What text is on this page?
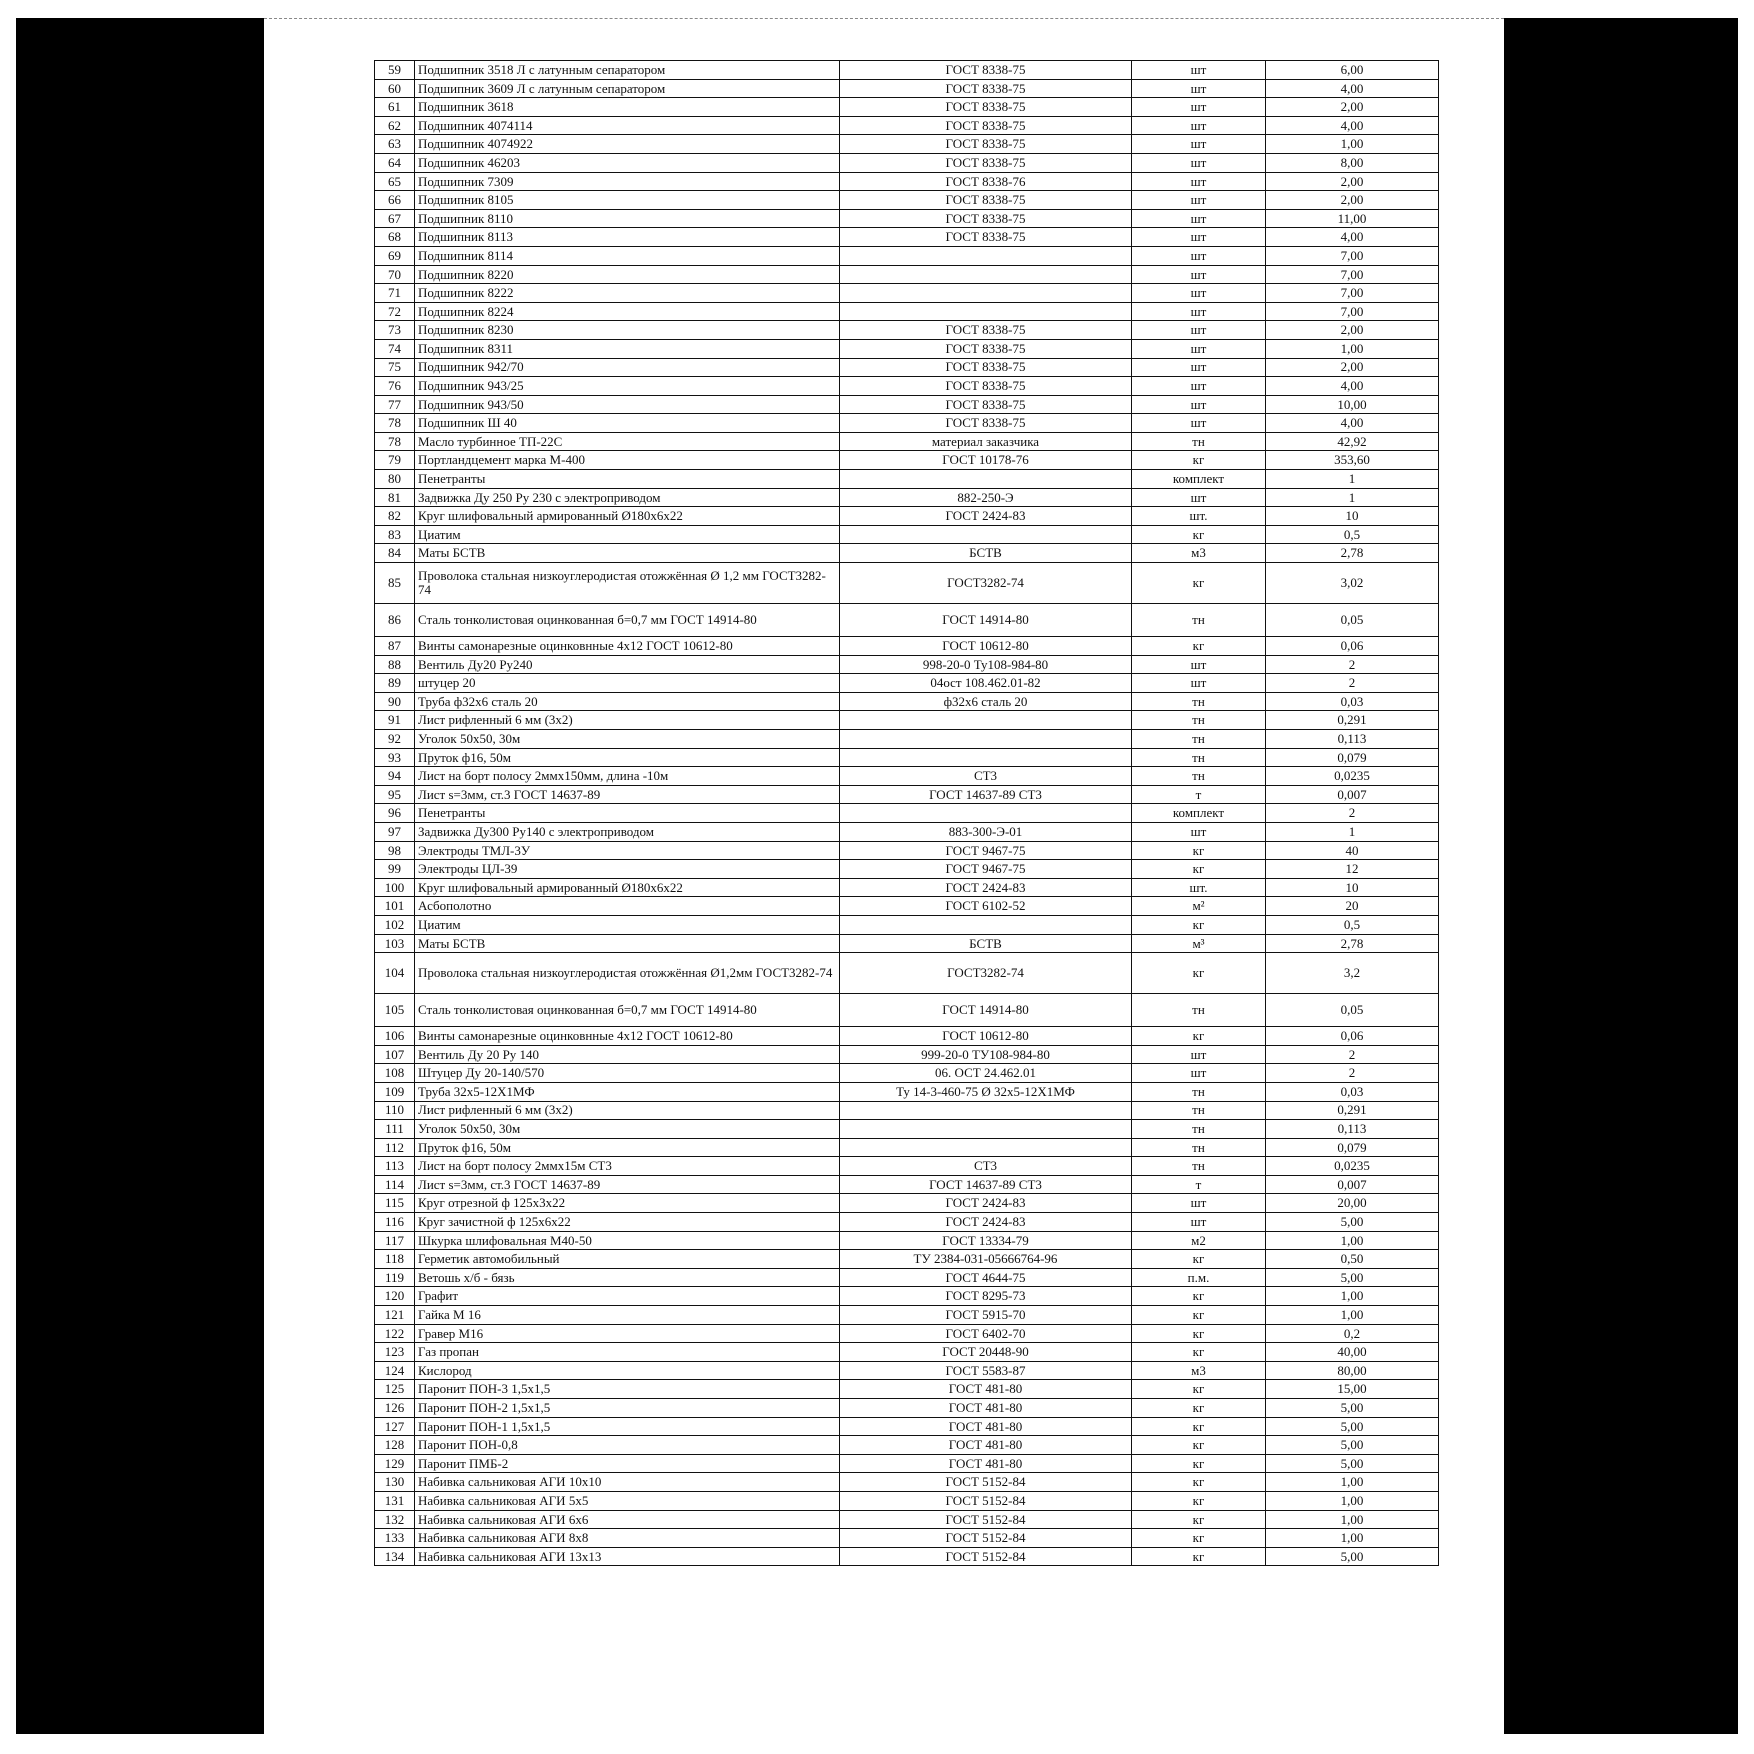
59	Подшипник 3518 Л с латунным сепаратором	ГОСТ 8338-75	шт	6,00
60	Подшипник 3609 Л с латунным сепаратором	ГОСТ 8338-75	шт	4,00
61	Подшипник 3618	ГОСТ 8338-75	шт	2,00
62	Подшипник 4074114	ГОСТ 8338-75	шт	4,00
63	Подшипник 4074922	ГОСТ 8338-75	шт	1,00
64	Подшипник 46203	ГОСТ 8338-75	шт	8,00
65	Подшипник 7309	ГОСТ 8338-76	шт	2,00
66	Подшипник 8105	ГОСТ 8338-75	шт	2,00
67	Подшипник 8110	ГОСТ 8338-75	шт	11,00
68	Подшипник 8113	ГОСТ 8338-75	шт	4,00
69	Подшипник 8114		шт	7,00
70	Подшипник 8220		шт	7,00
71	Подшипник 8222		шт	7,00
72	Подшипник 8224		шт	7,00
73	Подшипник 8230	ГОСТ 8338-75	шт	2,00
74	Подшипник 8311	ГОСТ 8338-75	шт	1,00
75	Подшипник 942/70	ГОСТ 8338-75	шт	2,00
76	Подшипник 943/25	ГОСТ 8338-75	шт	4,00
77	Подшипник 943/50	ГОСТ 8338-75	шт	10,00
78	Подшипник Ш 40	ГОСТ 8338-75	шт	4,00
78	Масло турбинное ТП-22С	материал заказчика	тн	42,92
79	Портландцемент марка М-400	ГОСТ 10178-76	кг	353,60
80	Пенетранты		комплект	1
81	Задвижка Ду 250 Ру 230 с электроприводом	882-250-Э	шт	1
82	Круг шлифовальный армированный Ø180х6х22	ГОСТ 2424-83	шт.	10
83	Циатим		кг	0,5
84	Маты БСТВ	БСТВ	м3	2,78
85	Проволока стальная низкоуглеродистая отожжённая Ø 1,2 мм ГОСТ3282-74	ГОСТ3282-74	кг	3,02
86	Сталь тонколистовая оцинкованная б=0,7 мм ГОСТ 14914-80	ГОСТ 14914-80	тн	0,05
87	Винты самонарезные оцинковнные 4х12 ГОСТ 10612-80	ГОСТ 10612-80	кг	0,06
88	Вентиль Ду20 Ру240	998-20-0 Ту108-984-80	шт	2
89	штуцер 20	04ост 108.462.01-82	шт	2
90	Труба ф32х6 сталь 20	ф32х6 сталь 20	тн	0,03
91	Лист рифленный 6 мм (3х2)		тн	0,291
92	Уголок 50х50, 30м		тн	0,113
93	Пруток ф16, 50м		тн	0,079
94	Лист на борт полосу 2ммх150мм, длина -10м	СТ3	тн	0,0235
95	Лист s=3мм, ст.3 ГОСТ 14637-89	ГОСТ 14637-89 СТ3	т	0,007
96	Пенетранты		комплект	2
97	Задвижка Ду300 Ру140 с электроприводом	883-300-Э-01	шт	1
98	Электроды ТМЛ-3У	ГОСТ 9467-75	кг	40
99	Электроды ЦЛ-39	ГОСТ 9467-75	кг	12
100	Круг шлифовальный армированный Ø180х6х22	ГОСТ 2424-83	шт.	10
101	Асбополотно	ГОСТ 6102-52	м²	20
102	Циатим		кг	0,5
103	Маты БСТВ	БСТВ	м³	2,78
104	Проволока стальная низкоуглеродистая отожжённая Ø1,2мм ГОСТ3282-74	ГОСТ3282-74	кг	3,2
105	Сталь тонколистовая оцинкованная б=0,7 мм ГОСТ 14914-80	ГОСТ 14914-80	тн	0,05
106	Винты самонарезные оцинковнные 4х12 ГОСТ 10612-80	ГОСТ 10612-80	кг	0,06
107	Вентиль Ду 20 Ру 140	999-20-0 ТУ108-984-80	шт	2
108	Штуцер Ду 20-140/570	06. ОСТ 24.462.01	шт	2
109	Труба 32х5-12Х1МФ	Ту 14-3-460-75 Ø 32х5-12Х1МФ	тн	0,03
110	Лист рифленный 6 мм (3х2)		тн	0,291
111	Уголок 50х50, 30м		тн	0,113
112	Пруток ф16, 50м		тн	0,079
113	Лист на борт полосу 2ммх15м СТ3	СТ3	тн	0,0235
114	Лист s=3мм, ст.3 ГОСТ 14637-89	ГОСТ 14637-89 СТ3	т	0,007
115	Круг отрезной ф 125х3х22	ГОСТ 2424-83	шт	20,00
116	Круг зачистной ф 125х6х22	ГОСТ 2424-83	шт	5,00
117	Шкурка шлифовальная М40-50	ГОСТ 13334-79	м2	1,00
118	Герметик автомобильный	ТУ 2384-031-05666764-96	кг	0,50
119	Ветошь х/б - бязь	ГОСТ 4644-75	п.м.	5,00
120	Графит	ГОСТ 8295-73	кг	1,00
121	Гайка М 16	ГОСТ 5915-70	кг	1,00
122	Гравер М16	ГОСТ 6402-70	кг	0,2
123	Газ пропан	ГОСТ 20448-90	кг	40,00
124	Кислород	ГОСТ 5583-87	м3	80,00
125	Паронит ПОН-3 1,5х1,5	ГОСТ 481-80	кг	15,00
126	Паронит ПОН-2 1,5х1,5	ГОСТ 481-80	кг	5,00
127	Паронит ПОН-1 1,5х1,5	ГОСТ 481-80	кг	5,00
128	Паронит ПОН-0,8	ГОСТ 481-80	кг	5,00
129	Паронит ПМБ-2	ГОСТ 481-80	кг	5,00
130	Набивка сальниковая АГИ 10х10	ГОСТ 5152-84	кг	1,00
131	Набивка сальниковая АГИ 5х5	ГОСТ 5152-84	кг	1,00
132	Набивка сальниковая АГИ 6х6	ГОСТ 5152-84	кг	1,00
133	Набивка сальниковая АГИ 8х8	ГОСТ 5152-84	кг	1,00
134	Набивка сальниковая АГИ 13х13	ГОСТ 5152-84	кг	5,00
